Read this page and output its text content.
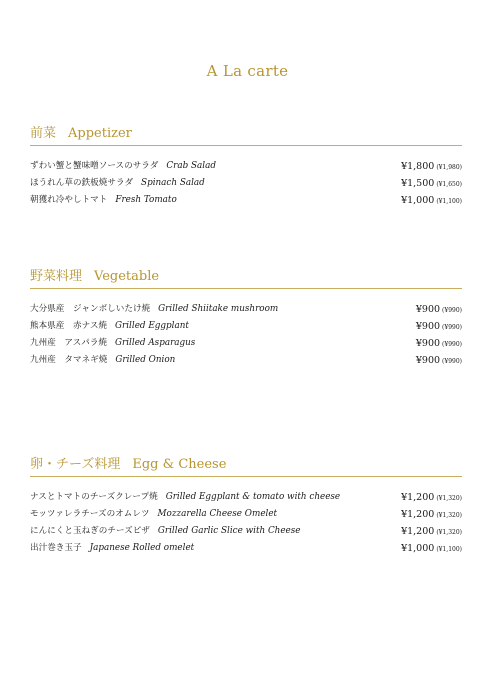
A La carte
前菜 Appetizer
ずわい蟹と蟹味噌ソースのサラダ Crab Salad	¥1,800 (¥1,980)
ほうれん草の鉄板焼サラダ Spinach Salad	¥1,500 (¥1,650)
朝獲れ冷やしトマト Fresh Tomato	¥1,000 (¥1,100)
野菜料理 Vegetable
大分県産　ジャンボしいたけ焼 Grilled Shiitake mushroom	¥900 (¥990)
熊本県産　赤ナス焼 Grilled Eggplant	¥900 (¥990)
九州産　アスパラ焼 Grilled Asparagus	¥900 (¥990)
九州産　タマネギ焼 Grilled Onion	¥900 (¥990)
卵・チーズ料理 Egg & Cheese
ナスとトマトのチーズクレープ焼 Grilled Eggplant & tomato with cheese	¥1,200 (¥1,320)
モッツァレラチーズのオムレツ Mozzarella Cheese Omelet	¥1,200 (¥1,320)
にんにくと玉ねぎのチーズピザ Grilled Garlic Slice with Cheese	¥1,200 (¥1,320)
出汁巻き玉子 Japanese Rolled omelet	¥1,000 (¥1,100)
